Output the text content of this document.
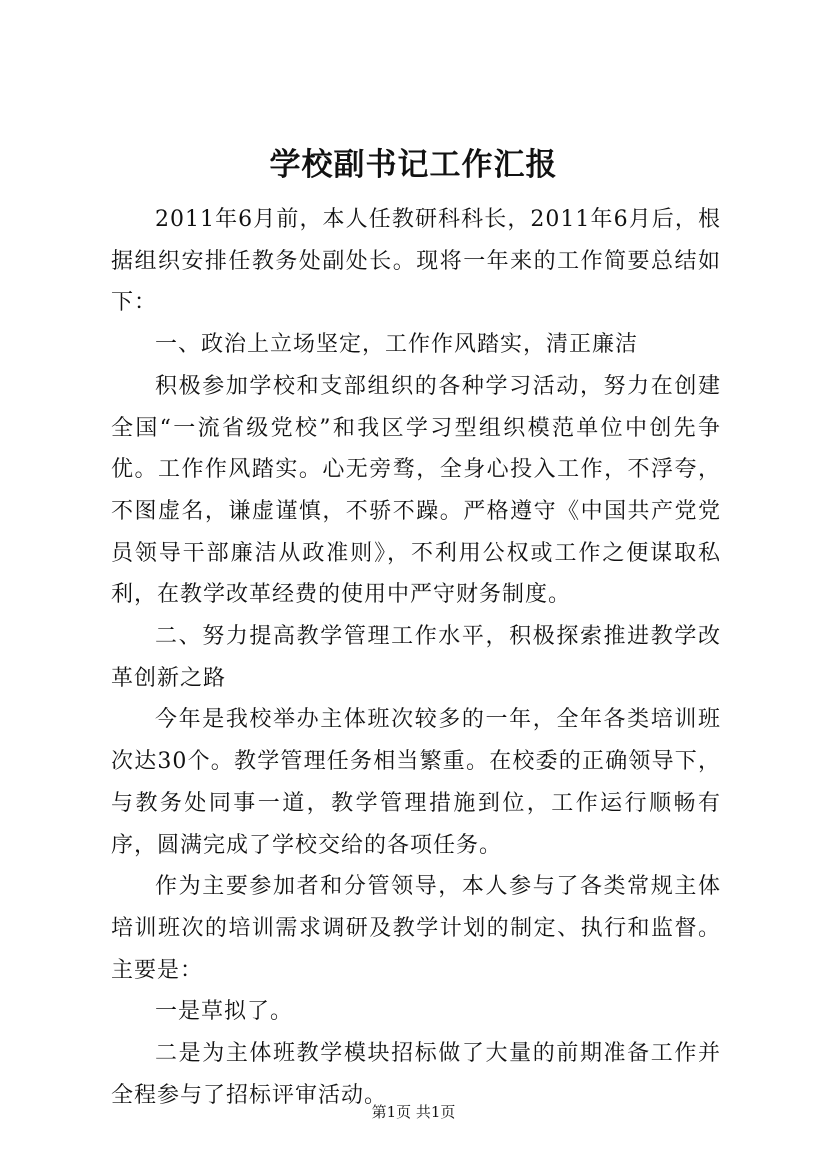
学校副书记工作汇报

2011年6月前，本人任教研科科长，2011年6月后，根据组织安排任教务处副处长。现将一年来的工作简要总结如下：

一、政治上立场坚定，工作作风踏实，清正廉洁

积极参加学校和支部组织的各种学习活动，努力在创建全国“一流省级党校”和我区学习型组织模范单位中创先争优。工作作风踏实。心无旁骛，全身心投入工作，不浮夸，不图虚名，谦虚谨慎，不骄不躁。严格遵守《中国共产党党员领导干部廉洁从政准则》，不利用公权或工作之便谋取私利，在教学改革经费的使用中严守财务制度。

二、努力提高教学管理工作水平，积极探索推进教学改革创新之路

今年是我校举办主体班次较多的一年，全年各类培训班次达30个。教学管理任务相当繁重。在校委的正确领导下，与教务处同事一道，教学管理措施到位，工作运行顺畅有序，圆满完成了学校交给的各项任务。

作为主要参加者和分管领导，本人参与了各类常规主体培训班次的培训需求调研及教学计划的制定、执行和监督。主要是：

一是草拟了。

二是为主体班教学模块招标做了大量的前期准备工作并全程参与了招标评审活动。

第1页 共1页
